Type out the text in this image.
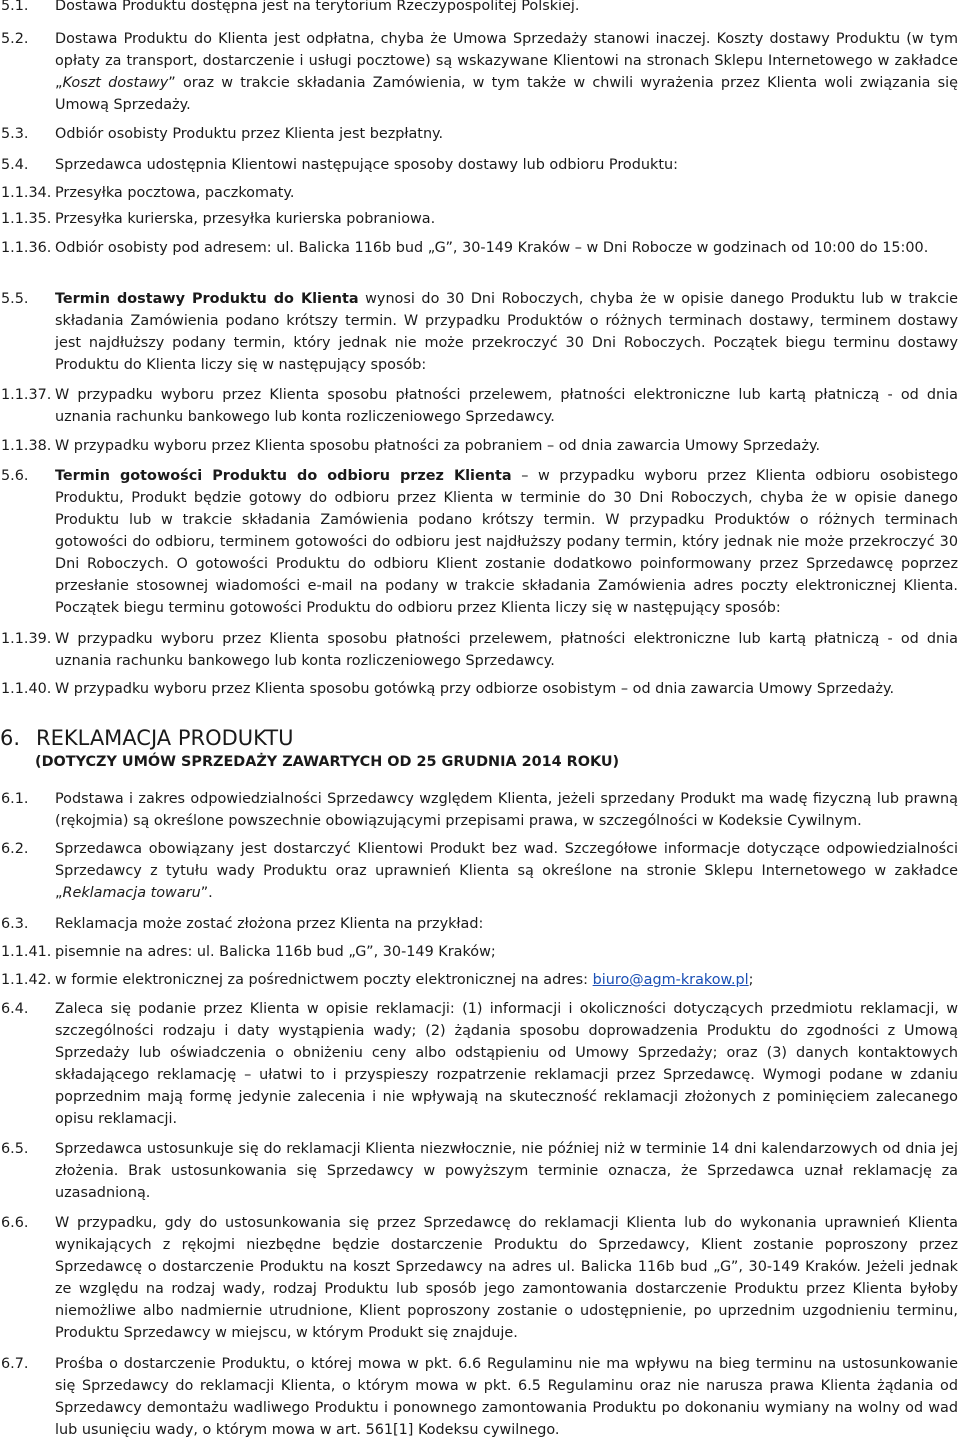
5.1.	Dostawa Produktu dostępna jest na terytorium Rzeczypospolitej Polskiej.
5.2.	Dostawa Produktu do Klienta jest odpłatna, chyba że Umowa Sprzedaży stanowi inaczej. Koszty dostawy Produktu (w tym opłaty za transport, dostarczenie i usługi pocztowe) są wskazywane Klientowi na stronach Sklepu Internetowego w zakładce „Koszt dostawy” oraz w trakcie składania Zamówienia, w tym także w chwili wyrażenia przez Klienta woli związania się Umową Sprzedaży.
5.3.	Odbiór osobisty Produktu przez Klienta jest bezpłatny.
5.4.	Sprzedawca udostępnia Klientowi następujące sposoby dostawy lub odbioru Produktu:
1.1.34. Przesyłka pocztowa, paczkomaty.
1.1.35. Przesyłka kurierska, przesyłka kurierska pobraniowa.
1.1.36. Odbiór osobisty pod adresem: ul. Balicka 116b bud „G”, 30-149 Kraków – w Dni Robocze w godzinach od 10:00 do 15:00.
5.5.	Termin dostawy Produktu do Klienta wynosi do 30 Dni Roboczych, chyba że w opisie danego Produktu lub w trakcie składania Zamówienia podano krótszy termin. W przypadku Produktów o różnych terminach dostawy, terminem dostawy jest najdłuższy podany termin, który jednak nie może przekroczyć 30 Dni Roboczych. Początek biegu terminu dostawy Produktu do Klienta liczy się w następujący sposób:
1.1.37. W przypadku wyboru przez Klienta sposobu płatności przelewem, płatności elektroniczne lub kartą płatniczą - od dnia uznania rachunku bankowego lub konta rozliczeniowego Sprzedawcy.
1.1.38. W przypadku wyboru przez Klienta sposobu płatności za pobraniem – od dnia zawarcia Umowy Sprzedaży.
5.6.	Termin gotowości Produktu do odbioru przez Klienta – w przypadku wyboru przez Klienta odbioru osobistego Produktu, Produkt będzie gotowy do odbioru przez Klienta w terminie do 30 Dni Roboczych, chyba że w opisie danego Produktu lub w trakcie składania Zamówienia podano krótszy termin. W przypadku Produktów o różnych terminach gotowości do odbioru, terminem gotowości do odbioru jest najdłuższy podany termin, który jednak nie może przekroczyć 30 Dni Roboczych. O gotowości Produktu do odbioru Klient zostanie dodatkowo poinformowany przez Sprzedawcę poprzez przesłanie stosownej wiadomości e-mail na podany w trakcie składania Zamówienia adres poczty elektronicznej Klienta. Początek biegu terminu gotowości Produktu do odbioru przez Klienta liczy się w następujący sposób:
1.1.39. W przypadku wyboru przez Klienta sposobu płatności przelewem, płatności elektroniczne lub kartą płatniczą - od dnia uznania rachunku bankowego lub konta rozliczeniowego Sprzedawcy.
1.1.40. W przypadku wyboru przez Klienta sposobu gotówką przy odbiorze osobistym – od dnia zawarcia Umowy Sprzedaży.
6. REKLAMACJA PRODUKTU
(DOTYCZY UMÓW SPRZEDAŻY ZAWARTYCH OD 25 GRUDNIA 2014 ROKU)
6.1.	Podstawa i zakres odpowiedzialności Sprzedawcy względem Klienta, jeżeli sprzedany Produkt ma wadę fizyczną lub prawną (rękojmia) są określone powszechnie obowiązującymi przepisami prawa, w szczególności w Kodeksie Cywilnym.
6.2.	Sprzedawca obowiązany jest dostarczyć Klientowi Produkt bez wad. Szczegółowe informacje dotyczące odpowiedzialności Sprzedawcy z tytułu wady Produktu oraz uprawnień Klienta są określone na stronie Sklepu Internetowego w zakładce „Reklamacja towaru”.
6.3.	Reklamacja może zostać złożona przez Klienta na przykład:
1.1.41. pisemnie na adres: ul. Balicka 116b bud „G”, 30-149 Kraków;
1.1.42. w formie elektronicznej za pośrednictwem poczty elektronicznej na adres: biuro@agm-krakow.pl;
6.4.	Zaleca się podanie przez Klienta w opisie reklamacji: (1) informacji i okoliczności dotyczących przedmiotu reklamacji, w szczególności rodzaju i daty wystąpienia wady; (2) żądania sposobu doprowadzenia Produktu do zgodności z Umową Sprzedaży lub oświadczenia o obniżeniu ceny albo odstąpieniu od Umowy Sprzedaży; oraz (3) danych kontaktowych składającego reklamację – ułatwi to i przyspieszy rozpatrzenie reklamacji przez Sprzedawcę. Wymogi podane w zdaniu poprzednim mają formę jedynie zalecenia i nie wpływają na skuteczność reklamacji złożonych z pominięciem zalecanego opisu reklamacji.
6.5.	Sprzedawca ustosunkuje się do reklamacji Klienta niezwłocznie, nie później niż w terminie 14 dni kalendarzowych od dnia jej złożenia. Brak ustosunkowania się Sprzedawcy w powyższym terminie oznacza, że Sprzedawca uznał reklamację za uzasadnioną.
6.6.	W przypadku, gdy do ustosunkowania się przez Sprzedawcę do reklamacji Klienta lub do wykonania uprawnień Klienta wynikających z rękojmi niezbędne będzie dostarczenie Produktu do Sprzedawcy, Klient zostanie poproszony przez Sprzedawcę o dostarczenie Produktu na koszt Sprzedawcy na adres ul. Balicka 116b bud „G”, 30-149 Kraków. Jeżeli jednak ze względu na rodzaj wady, rodzaj Produktu lub sposób jego zamontowania dostarczenie Produktu przez Klienta byłoby niemożliwe albo nadmiernie utrudnione, Klient poproszony zostanie o udostępnienie, po uprzednim uzgodnieniu terminu, Produktu Sprzedawcy w miejscu, w którym Produkt się znajduje.
6.7.	Prośba o dostarczenie Produktu, o której mowa w pkt. 6.6 Regulaminu nie ma wpływu na bieg terminu na ustosunkowanie się Sprzedawcy do reklamacji Klienta, o którym mowa w pkt. 6.5 Regulaminu oraz nie narusza prawa Klienta żądania od Sprzedawcy demontażu wadliwego Produktu i ponownego zamontowania Produktu po dokonaniu wymiany na wolny od wad lub usunięciu wady, o którym mowa w art. 561[1] Kodeksu cywilnego.
